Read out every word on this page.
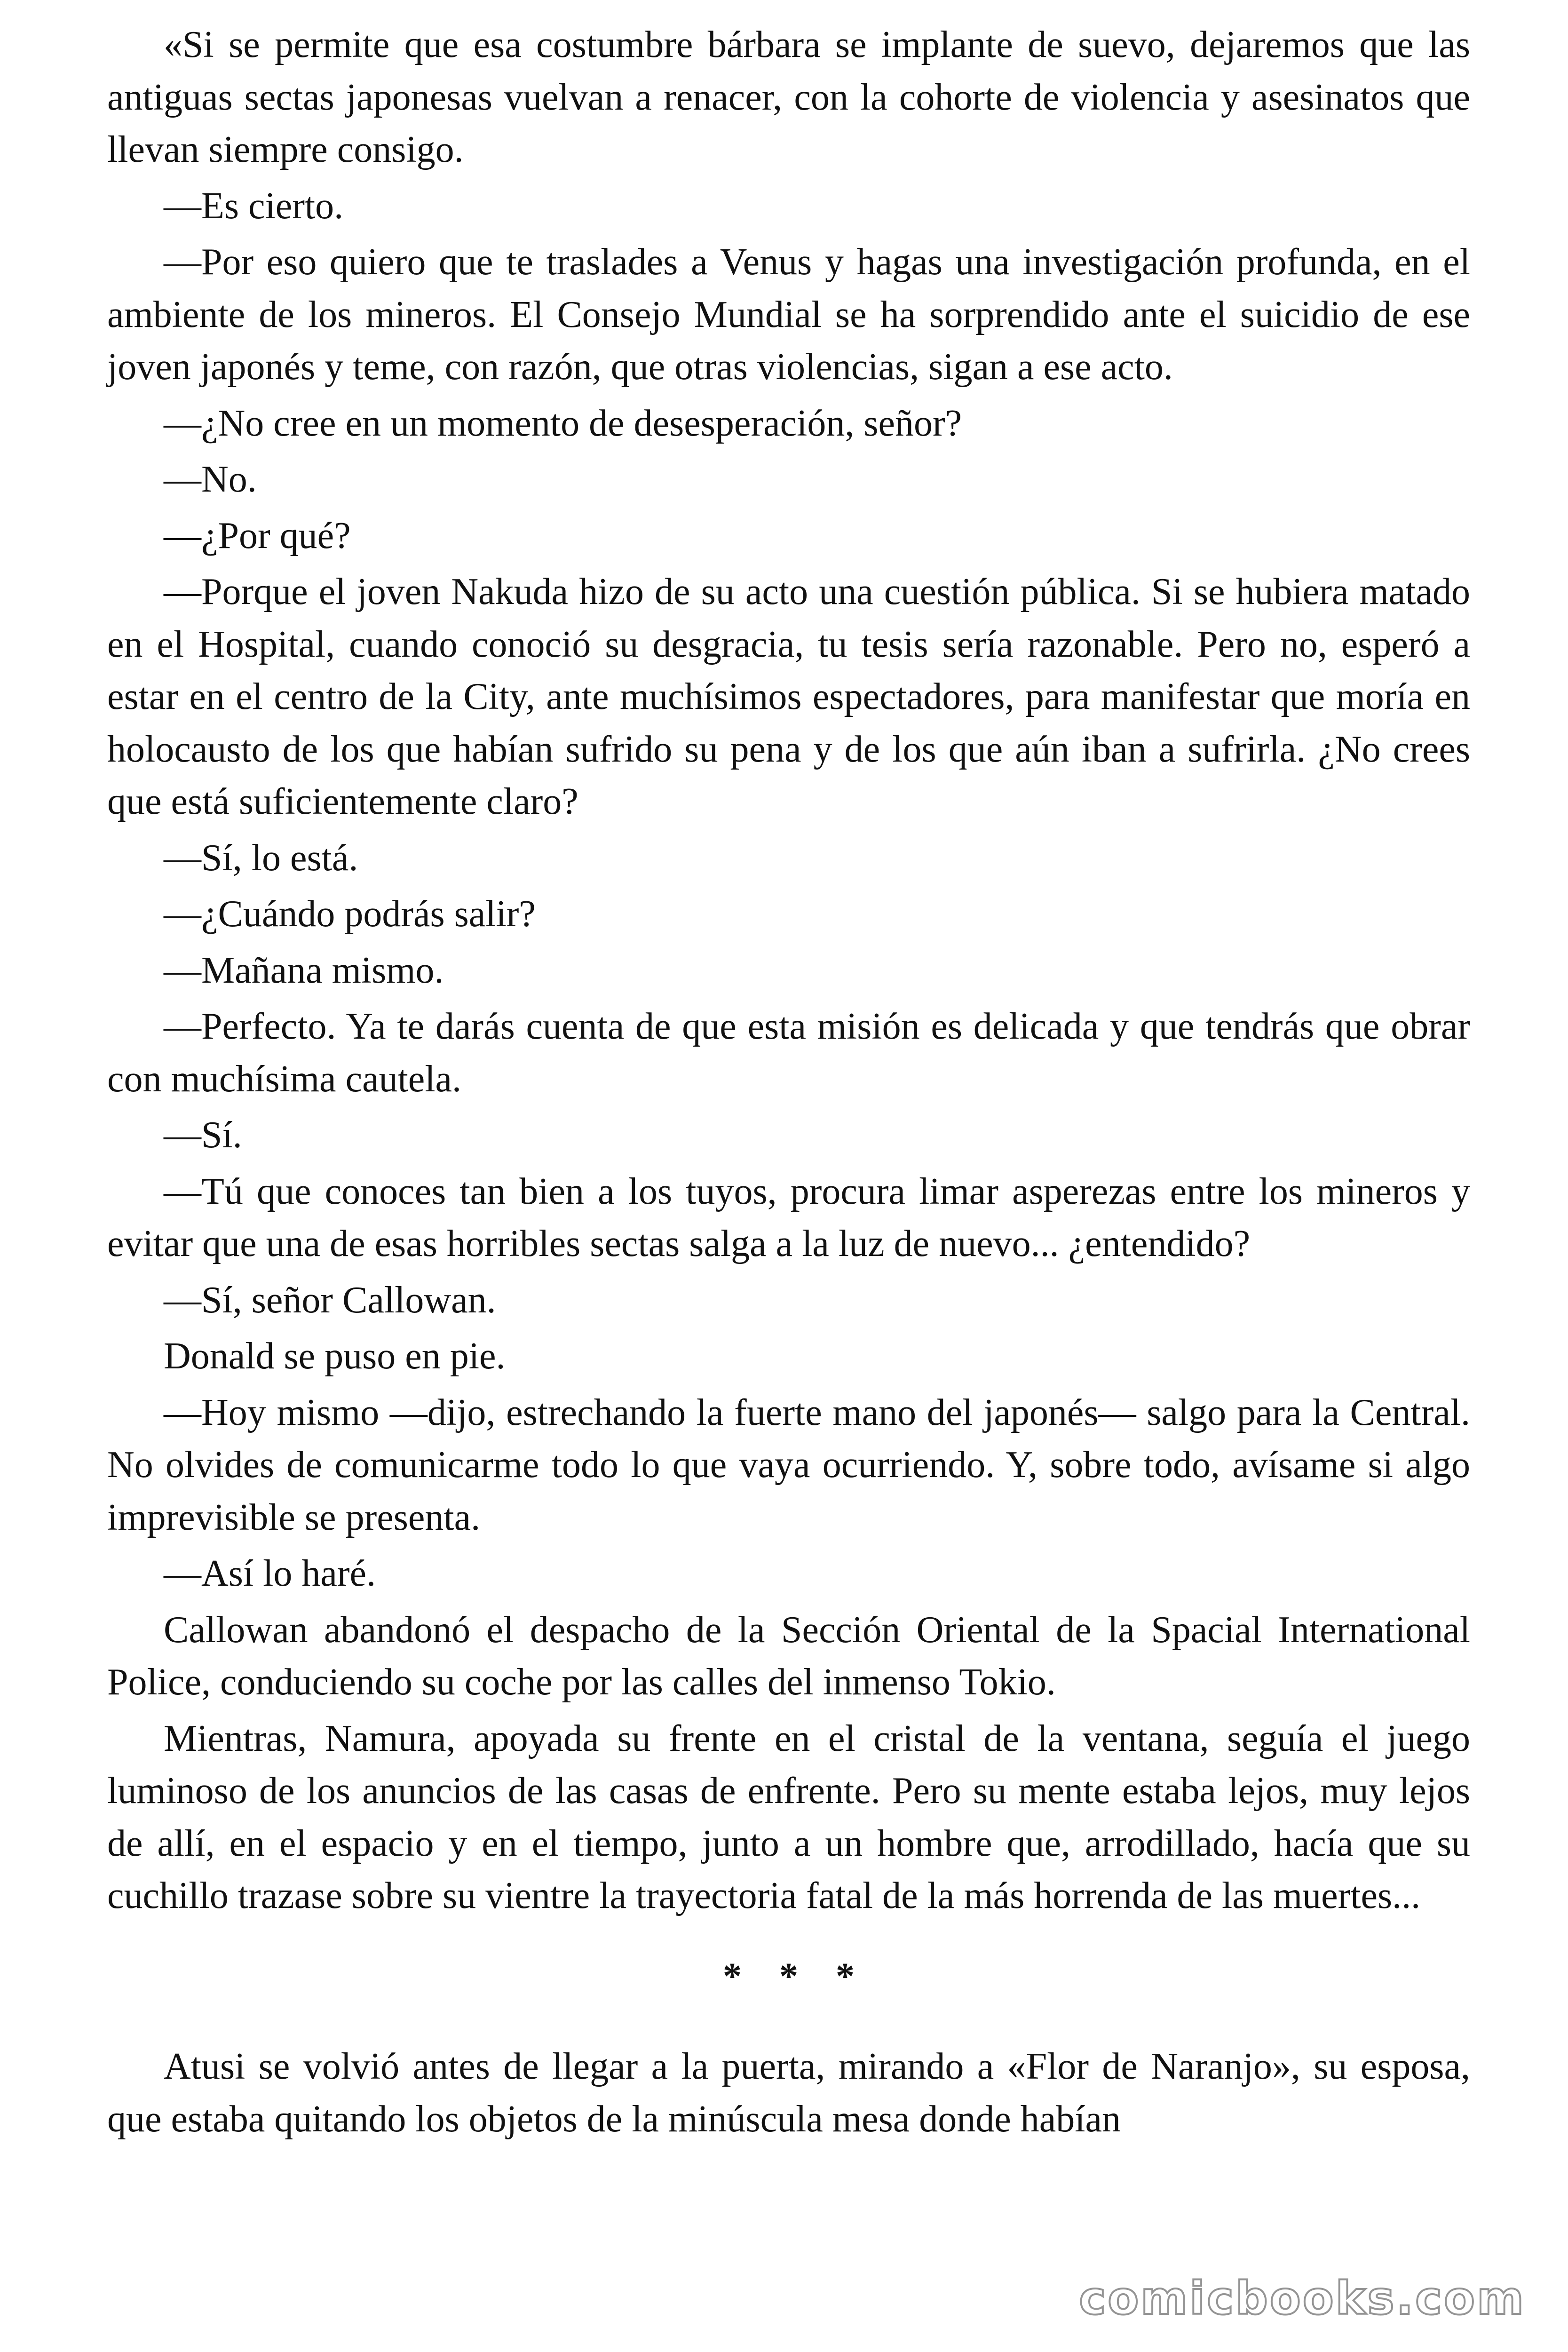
«Si se permite que esa costumbre bárbara se implante de suevo, dejaremos que las antiguas sectas japonesas vuelvan a renacer, con la cohorte de violencia y asesinatos que llevan siempre consigo.

—Es cierto.

—Por eso quiero que te traslades a Venus y hagas una investigación profunda, en el ambiente de los mineros. El Consejo Mundial se ha sorprendido ante el suicidio de ese joven japonés y teme, con razón, que otras violencias, sigan a ese acto.

—¿No cree en un momento de desesperación, señor?

—No.

—¿Por qué?

—Porque el joven Nakuda hizo de su acto una cuestión pública. Si se hubiera matado en el Hospital, cuando conoció su desgracia, tu tesis sería razonable. Pero no, esperó a estar en el centro de la City, ante muchísimos espectadores, para manifestar que moría en holocausto de los que habían sufrido su pena y de los que aún iban a sufrirla. ¿No crees que está suficientemente claro?

—Sí, lo está.

—¿Cuándo podrás salir?

—Mañana mismo.

—Perfecto. Ya te darás cuenta de que esta misión es delicada y que tendrás que obrar con muchísima cautela.

—Sí.

—Tú que conoces tan bien a los tuyos, procura limar asperezas entre los mineros y evitar que una de esas horribles sectas salga a la luz de nuevo... ¿entendido?

—Sí, señor Callowan.

Donald se puso en pie.

—Hoy mismo —dijo, estrechando la fuerte mano del japonés— salgo para la Central. No olvides de comunicarme todo lo que vaya ocurriendo. Y, sobre todo, avísame si algo imprevisible se presenta.

—Así lo haré.

Callowan abandonó el despacho de la Sección Oriental de la Spacial International Police, conduciendo su coche por las calles del inmenso Tokio.

Mientras, Namura, apoyada su frente en el cristal de la ventana, seguía el juego luminoso de los anuncios de las casas de enfrente. Pero su mente estaba lejos, muy lejos de allí, en el espacio y en el tiempo, junto a un hombre que, arrodillado, hacía que su cuchillo trazase sobre su vientre la trayectoria fatal de la más horrenda de las muertes...

* * *

Atusi se volvió antes de llegar a la puerta, mirando a «Flor de Naranjo», su esposa, que estaba quitando los objetos de la minúscula mesa donde habían

comicbooks.com
